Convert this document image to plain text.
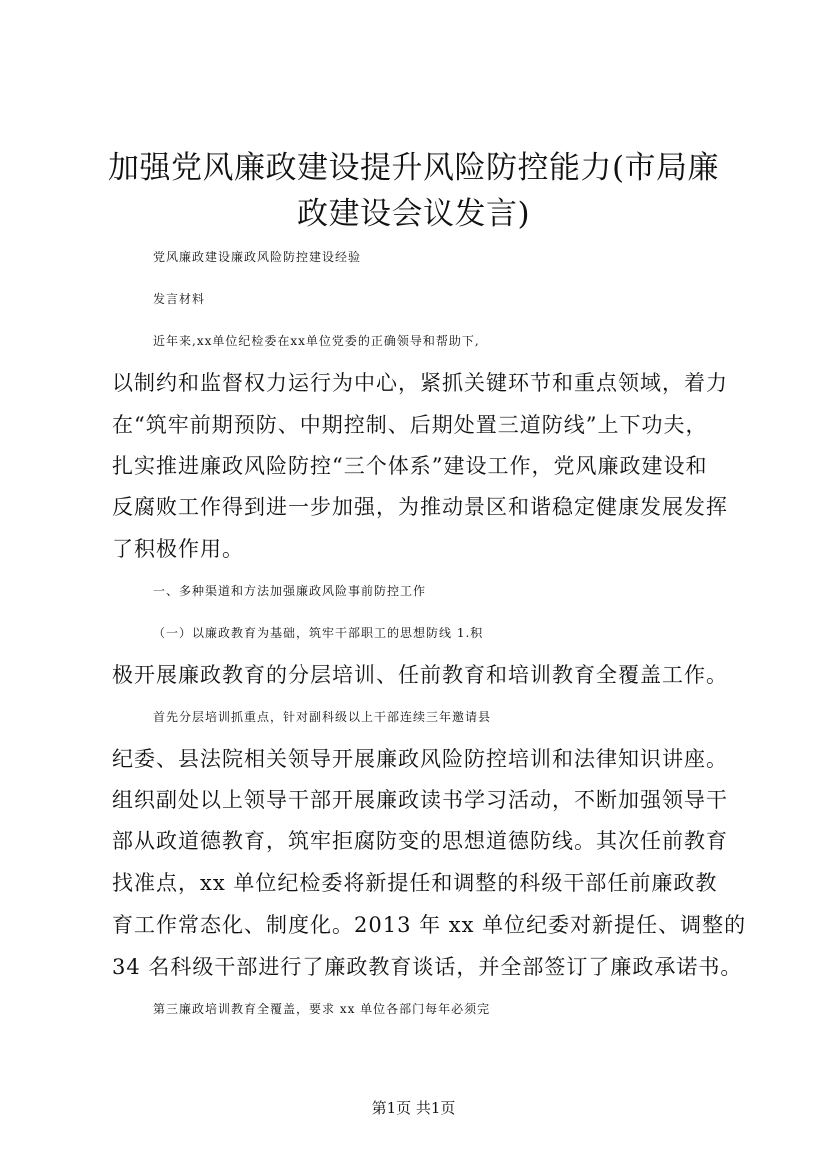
加强党风廉政建设提升风险防控能力(市局廉
政建设会议发言)

党风廉政建设廉政风险防控建设经验

发言材料

近年来,xx单位纪检委在xx单位党委的正确领导和帮助下,

以制约和监督权力运行为中心，紧抓关键环节和重点领域，着力

在“筑牢前期预防、中期控制、后期处置三道防线”上下功夫，

扎实推进廉政风险防控“三个体系”建设工作，党风廉政建设和

反腐败工作得到进一步加强，为推动景区和谐稳定健康发展发挥

了积极作用。

一、多种渠道和方法加强廉政风险事前防控工作

（一）以廉政教育为基础，筑牢干部职工的思想防线 1.积

极开展廉政教育的分层培训、任前教育和培训教育全覆盖工作。

首先分层培训抓重点，针对副科级以上干部连续三年邀请县

纪委、县法院相关领导开展廉政风险防控培训和法律知识讲座。

组织副处以上领导干部开展廉政读书学习活动，不断加强领导干

部从政道德教育，筑牢拒腐防变的思想道德防线。其次任前教育

找准点，xx 单位纪检委将新提任和调整的科级干部任前廉政教

育工作常态化、制度化。2013 年 xx 单位纪委对新提任、调整的

34 名科级干部进行了廉政教育谈话，并全部签订了廉政承诺书。

第三廉政培训教育全覆盖，要求 xx 单位各部门每年必须完

第1页 共1页
